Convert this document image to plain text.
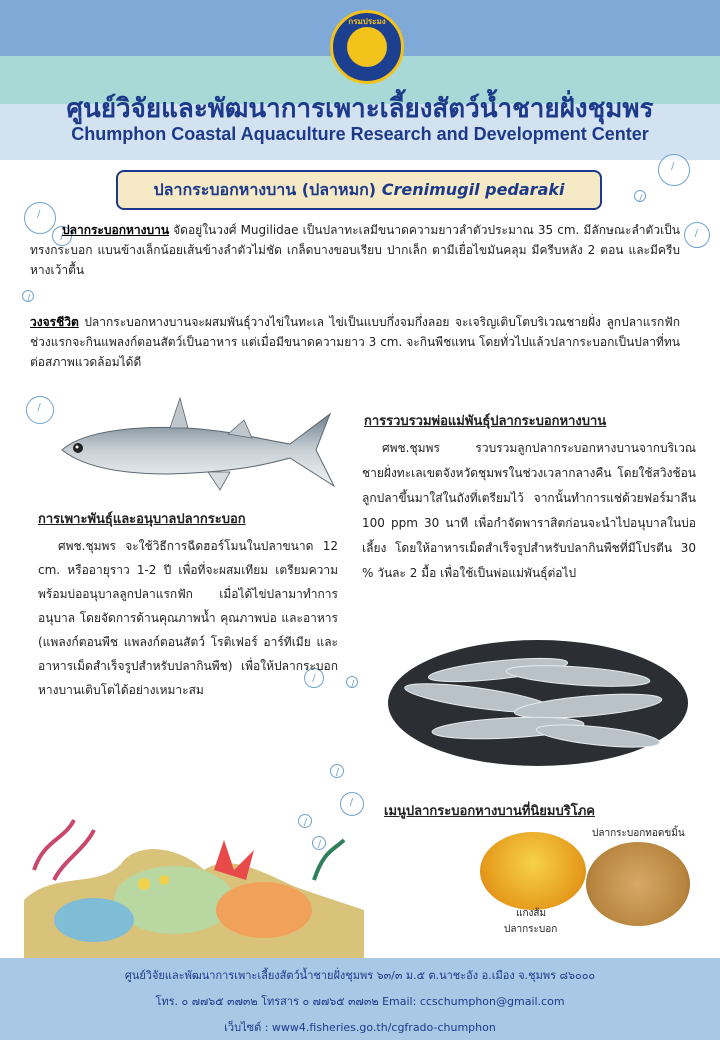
กรมประมง
ศูนย์วิจัยและพัฒนาการเพาะเลี้ยงสัตว์น้ำชายฝั่งชุมพร
Chumphon Coastal Aquaculture Research and Development Center
ปลากระบอกหางบาน (ปลาหมก) Crenimugil pedaraki
/
/
/
/
/
/
/
/
/
/
/
/
/
ปลากระบอกหางบาน จัดอยู่ในวงศ์ Mugilidae เป็นปลาทะเลมีขนาดความยาวลำตัวประมาณ 35 cm. มีลักษณะลำตัวเป็นทรงกระบอก แบนข้างเล็กน้อยเส้นข้างลำตัวไม่ชัด เกล็ดบางขอบเรียบ ปากเล็ก ตามีเยื่อไขมันคลุม มีครีบหลัง 2 ตอน และมีครีบหางเว้าตื้น
วงจรชีวิต ปลากระบอกหางบานจะผสมพันธุ์วางไข่ในทะเล ไข่เป็นแบบกึ่งจมกึ่งลอย จะเจริญเติบโตบริเวณชายฝั่ง ลูกปลาแรกฟักช่วงแรกจะกินแพลงก์ตอนสัตว์เป็นอาหาร แต่เมื่อมีขนาดความยาว 3 cm. จะกินพืชแทน โดยทั่วไปแล้วปลากระบอกเป็นปลาที่ทนต่อสภาพแวดล้อมได้ดี
การรวบรวมพ่อแม่พันธุ์ปลากระบอกหางบาน
ศพช.ชุมพร รวบรวมลูกปลากระบอกหางบานจากบริเวณชายฝั่งทะเลเขตจังหวัดชุมพรในช่วงเวลากลางคืน โดยใช้สวิงช้อนลูกปลาขึ้นมาใส่ในถังที่เตรียมไว้ จากนั้นทำการแช่ด้วยฟอร์มาลีน 100 ppm 30 นาที เพื่อกำจัดพาราสิตก่อนจะนำไปอนุบาลในบ่อเลี้ยง โดยให้อาหารเม็ดสำเร็จรูปสำหรับปลากินพืชที่มีโปรตีน 30 % วันละ 2 มื้อ เพื่อใช้เป็นพ่อแม่พันธุ์ต่อไป
การเพาะพันธุ์และอนุบาลปลากระบอก
ศพช.ชุมพร จะใช้วิธีการฉีดฮอร์โมนในปลาขนาด 12 cm. หรืออายุราว 1-2 ปี เพื่อที่จะผสมเทียม เตรียมความพร้อมบ่ออนุบาลลูกปลาแรกฟัก เมื่อได้ไข่ปลามาทำการอนุบาล โดยจัดการด้านคุณภาพน้ำ คุณภาพบ่อ และอาหาร (แพลงก์ตอนพืช แพลงก์ตอนสัตว์ โรติเฟอร์ อาร์ทีเมีย และอาหารเม็ดสำเร็จรูปสำหรับปลากินพืช) เพื่อให้ปลากระบอกหางบานเติบโตได้อย่างเหมาะสม
เมนูปลากระบอกหางบานที่นิยมบริโภค
ปลากระบอกทอดขมิ้น
แกงส้ม
ปลากระบอก
ศูนย์วิจัยและพัฒนาการเพาะเลี้ยงสัตว์น้ำชายฝั่งชุมพร ๖๓/๓ ม.๕ ต.นาชะอัง อ.เมือง จ.ชุมพร ๘๖๐๐๐
โทร. ๐ ๗๗๖๕ ๓๗๓๒ โทรสาร ๐ ๗๗๖๕ ๓๗๓๒ Email: ccschumphon@gmail.com
เว็บไซต์ : www4.fisheries.go.th/cgfrado-chumphon
